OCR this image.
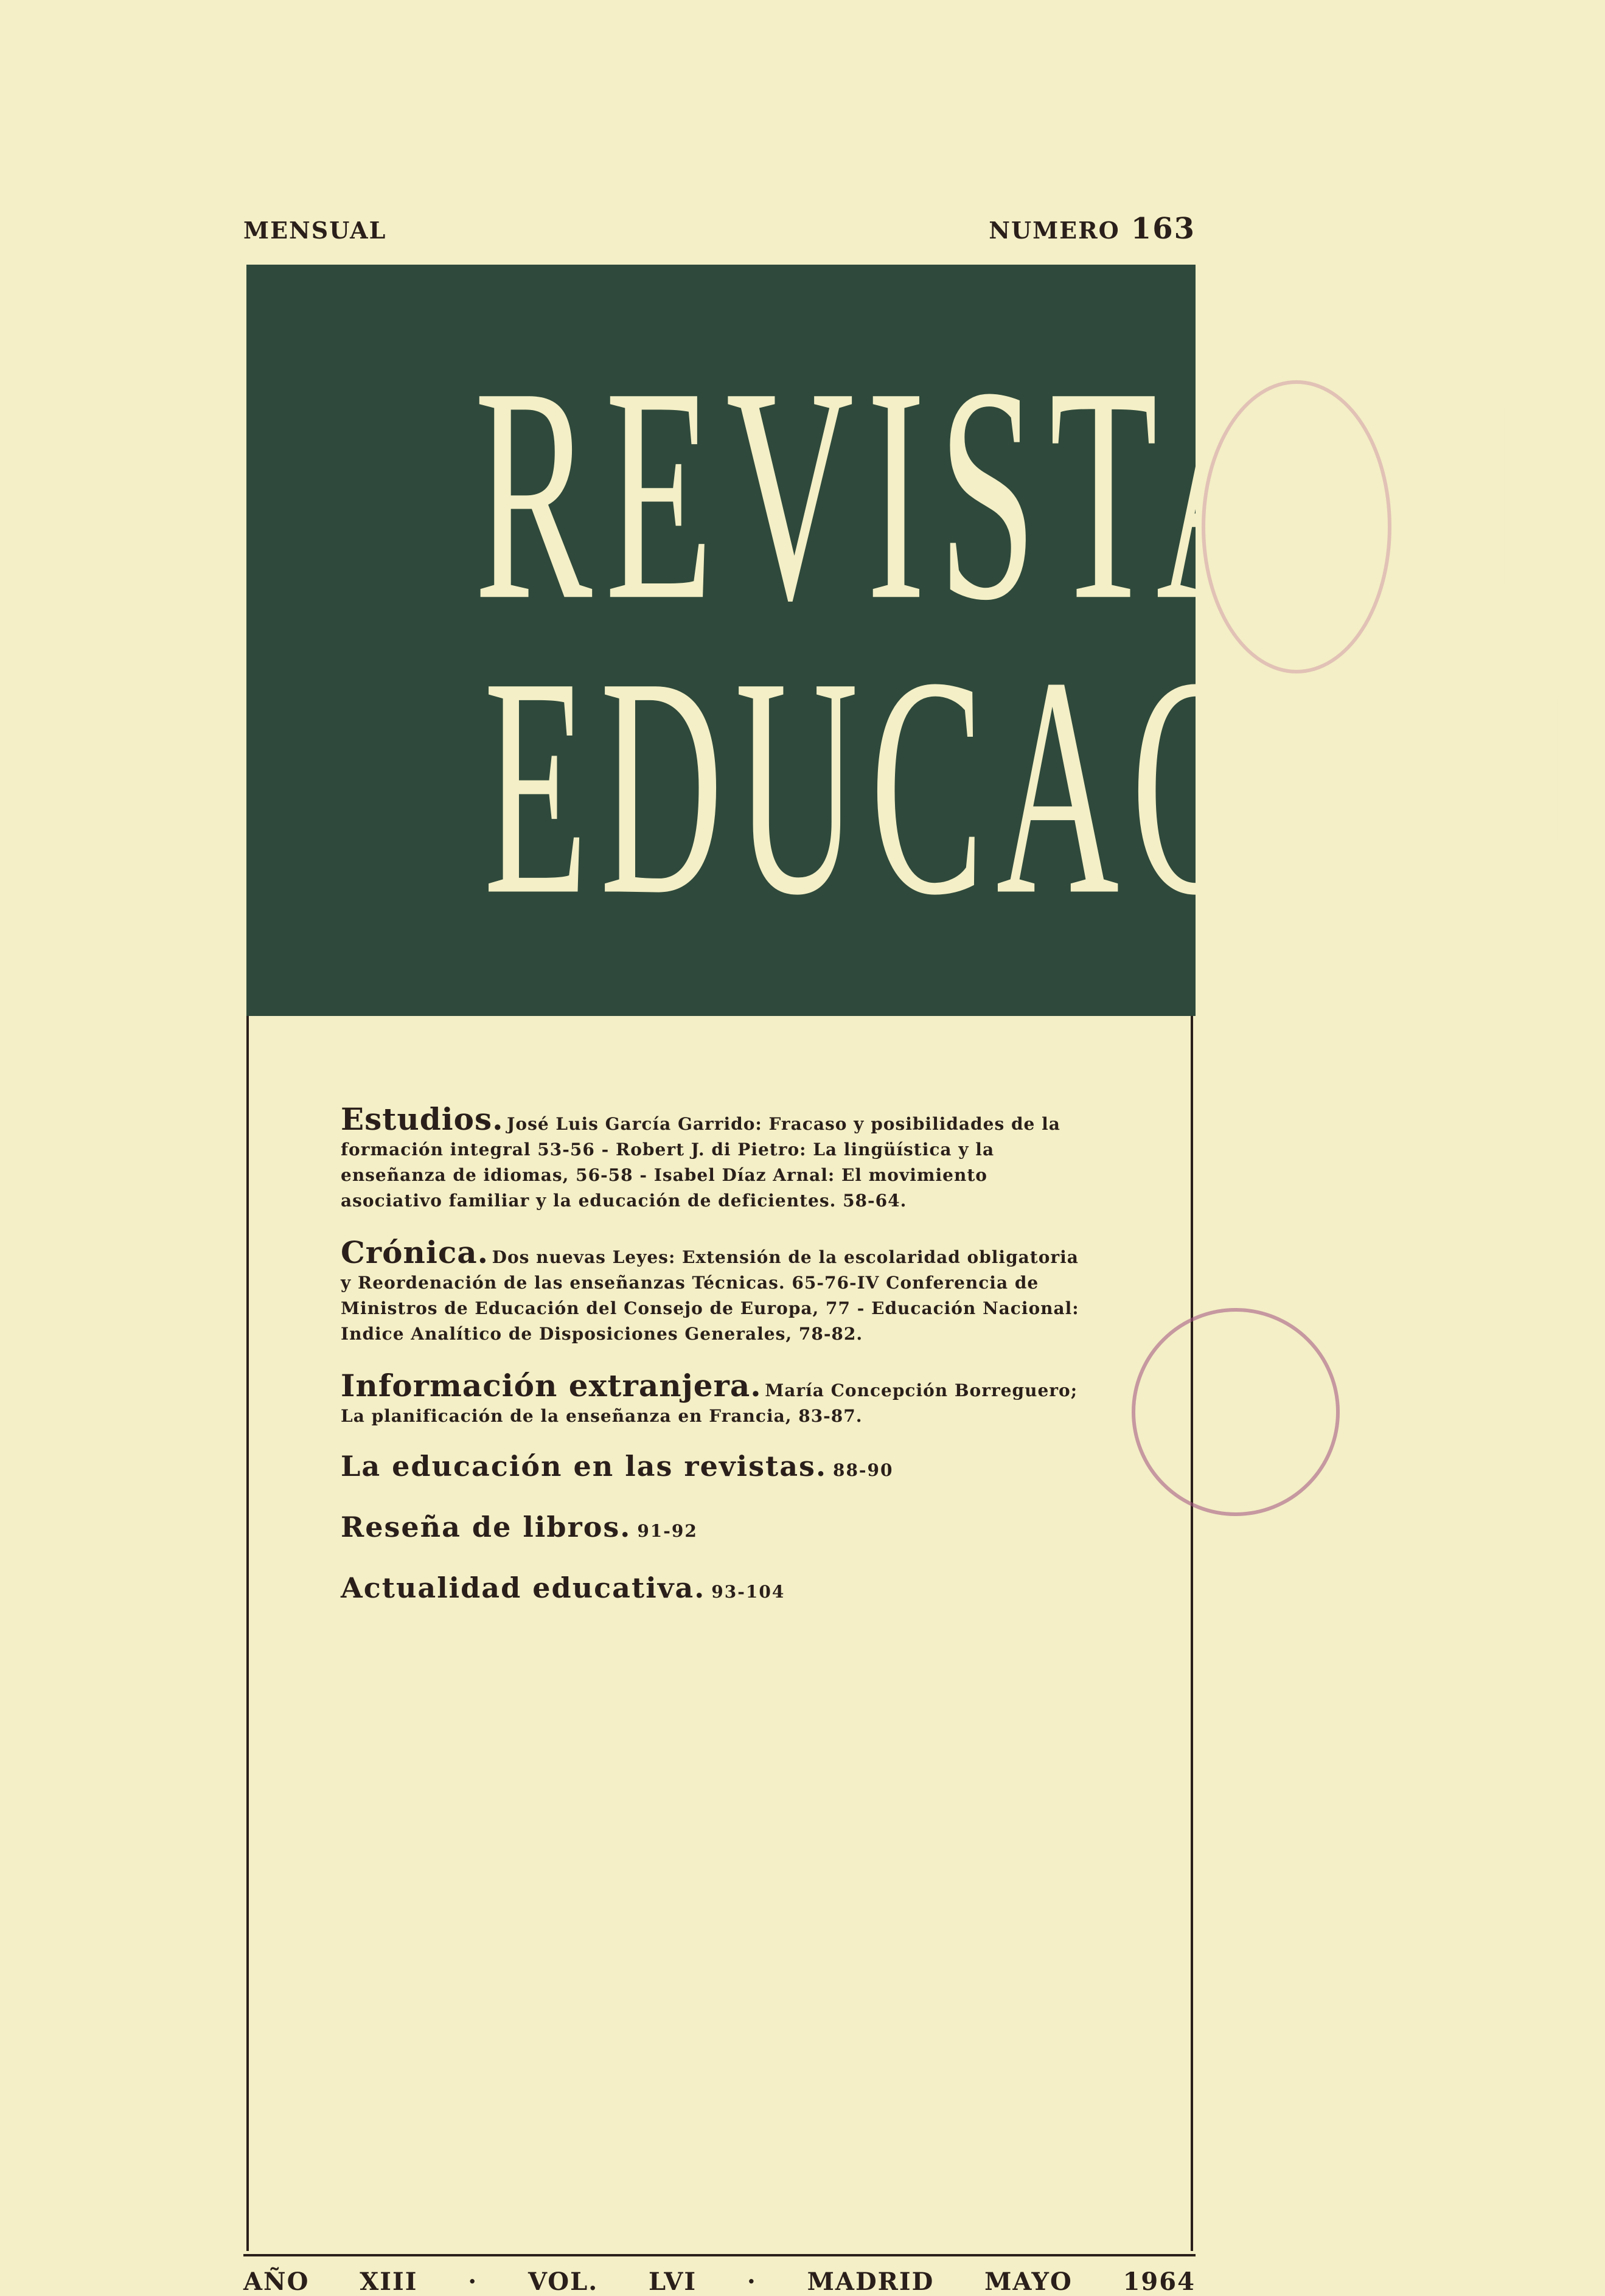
MENSUAL	NUMERO 163
REVISTA DE
EDUCACION
Estudios. José Luis García Garrido: Fracaso y posibilidades de la formación integral 53-56 - Robert J. di Pietro: La lingüística y la enseñanza de idiomas, 56-58 - Isabel Díaz Arnal: El movimiento asociativo familiar y la educación de deficientes. 58-64.
Crónica. Dos nuevas Leyes: Extensión de la escolaridad obligatoria y Reordenación de las enseñanzas Técnicas. 65-76-IV Conferencia de Ministros de Educación del Consejo de Europa, 77 - Educación Nacional: Indice Analítico de Disposiciones Generales, 78-82.
Información extranjera. María Concepción Borreguero; La planificación de la enseñanza en Francia, 83-87.
La educación en las revistas. 88-90
Reseña de libros. 91-92
Actualidad educativa. 93-104
AÑO XIII · VOL. LVI · MADRID MAYO 1964
